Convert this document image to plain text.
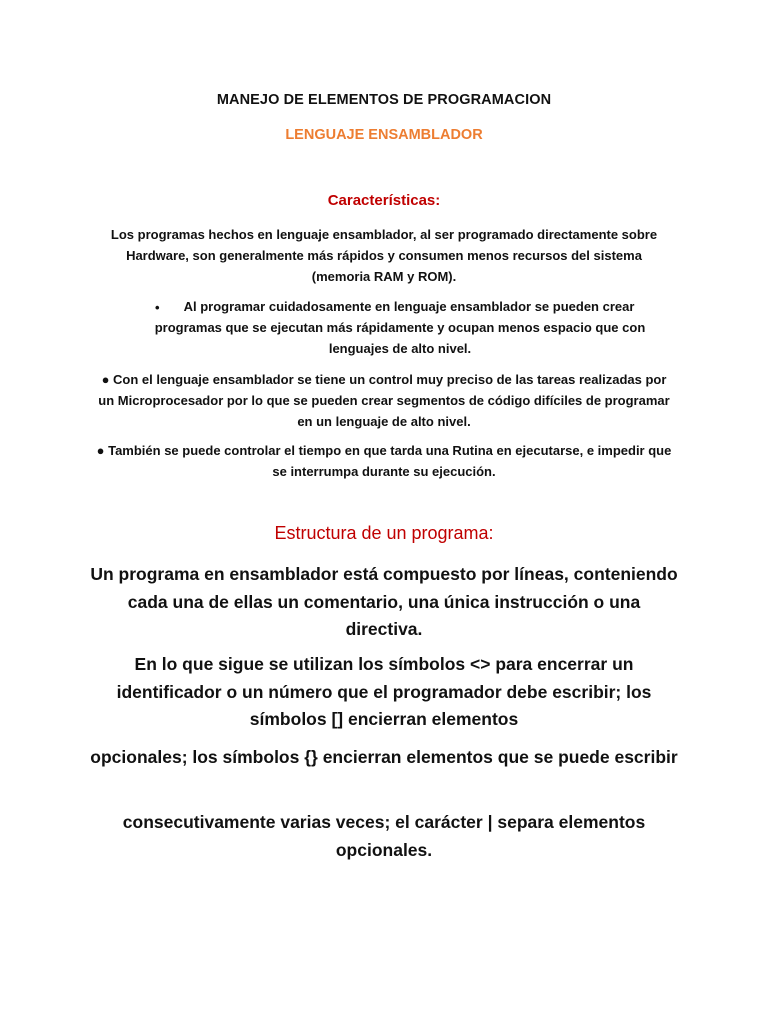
MANEJO DE ELEMENTOS DE PROGRAMACION

LENGUAJE ENSAMBLADOR

Características:

Los programas hechos en lenguaje ensamblador, al ser programado directamente sobre Hardware, son generalmente más rápidos y consumen menos recursos del sistema (memoria RAM y ROM).

•	Al programar cuidadosamente en lenguaje ensamblador se pueden crear programas que se ejecutan más rápidamente y ocupan menos espacio que con lenguajes de alto nivel.

● Con el lenguaje ensamblador se tiene un control muy preciso de las tareas realizadas por un Microprocesador por lo que se pueden crear segmentos de código difíciles de programar en un lenguaje de alto nivel.

● También se puede controlar el tiempo en que tarda una Rutina en ejecutarse, e impedir que se interrumpa durante su ejecución.

Estructura de un programa:

Un programa en ensamblador está compuesto por líneas, conteniendo cada una de ellas un comentario, una única instrucción o una directiva.

En lo que sigue se utilizan los símbolos <> para encerrar un identificador o un número que el programador debe escribir; los símbolos [] encierran elementos

opcionales; los símbolos {} encierran elementos que se puede escribir

consecutivamente varias veces; el carácter | separa elementos opcionales.
